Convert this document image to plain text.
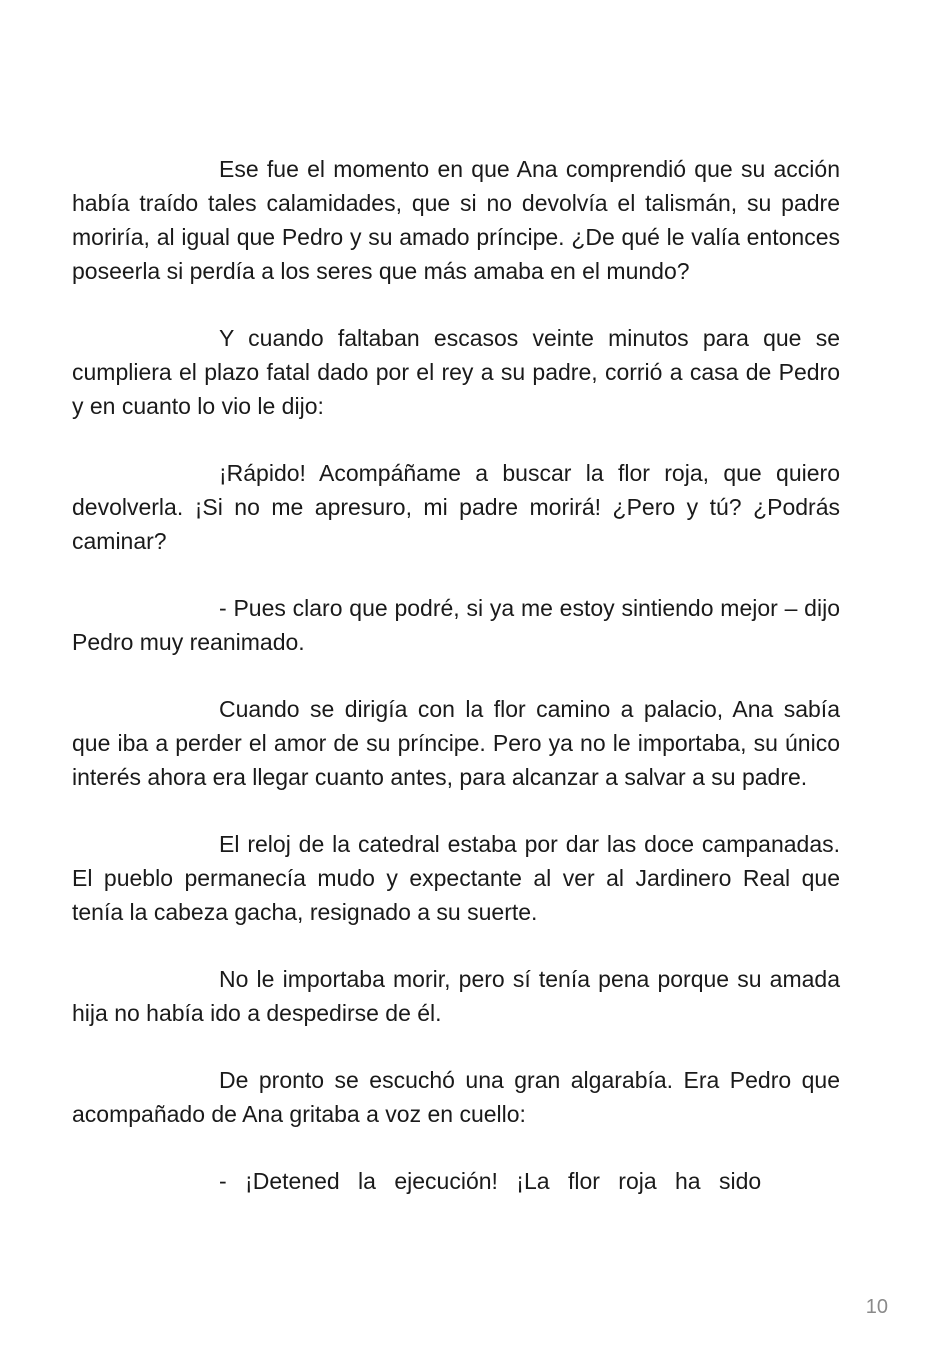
Ese fue el momento en que Ana comprendió que su acción había traído tales calamidades, que si no devolvía el talismán, su padre moriría, al igual que Pedro y su amado príncipe. ¿De qué le valía entonces poseerla si perdía a los seres que más amaba en el mundo?

Y cuando faltaban escasos veinte minutos para que se cumpliera el plazo fatal dado por el rey a su padre, corrió a casa de Pedro y en cuanto lo vio le dijo:

¡Rápido! Acompáñame a buscar la flor roja, que quiero devolverla. ¡Si no me apresuro, mi padre morirá! ¿Pero y tú? ¿Podrás caminar?

- Pues claro que podré, si ya me estoy sintiendo mejor – dijo Pedro muy reanimado.

Cuando se dirigía con la flor camino a palacio, Ana sabía que iba a perder el amor de su príncipe. Pero ya no le importaba, su único interés ahora era llegar cuanto antes, para alcanzar a salvar a su padre.

El reloj de la catedral estaba por dar las doce campanadas. El pueblo permanecía mudo y expectante al ver al Jardinero Real que tenía la cabeza gacha, resignado a su suerte.

No le importaba morir, pero sí tenía pena porque su amada hija no había ido a despedirse de él.

De pronto se escuchó una gran algarabía. Era Pedro que acompañado de Ana gritaba a voz en cuello:

- ¡Detened la ejecución! ¡La flor roja ha sido

10
